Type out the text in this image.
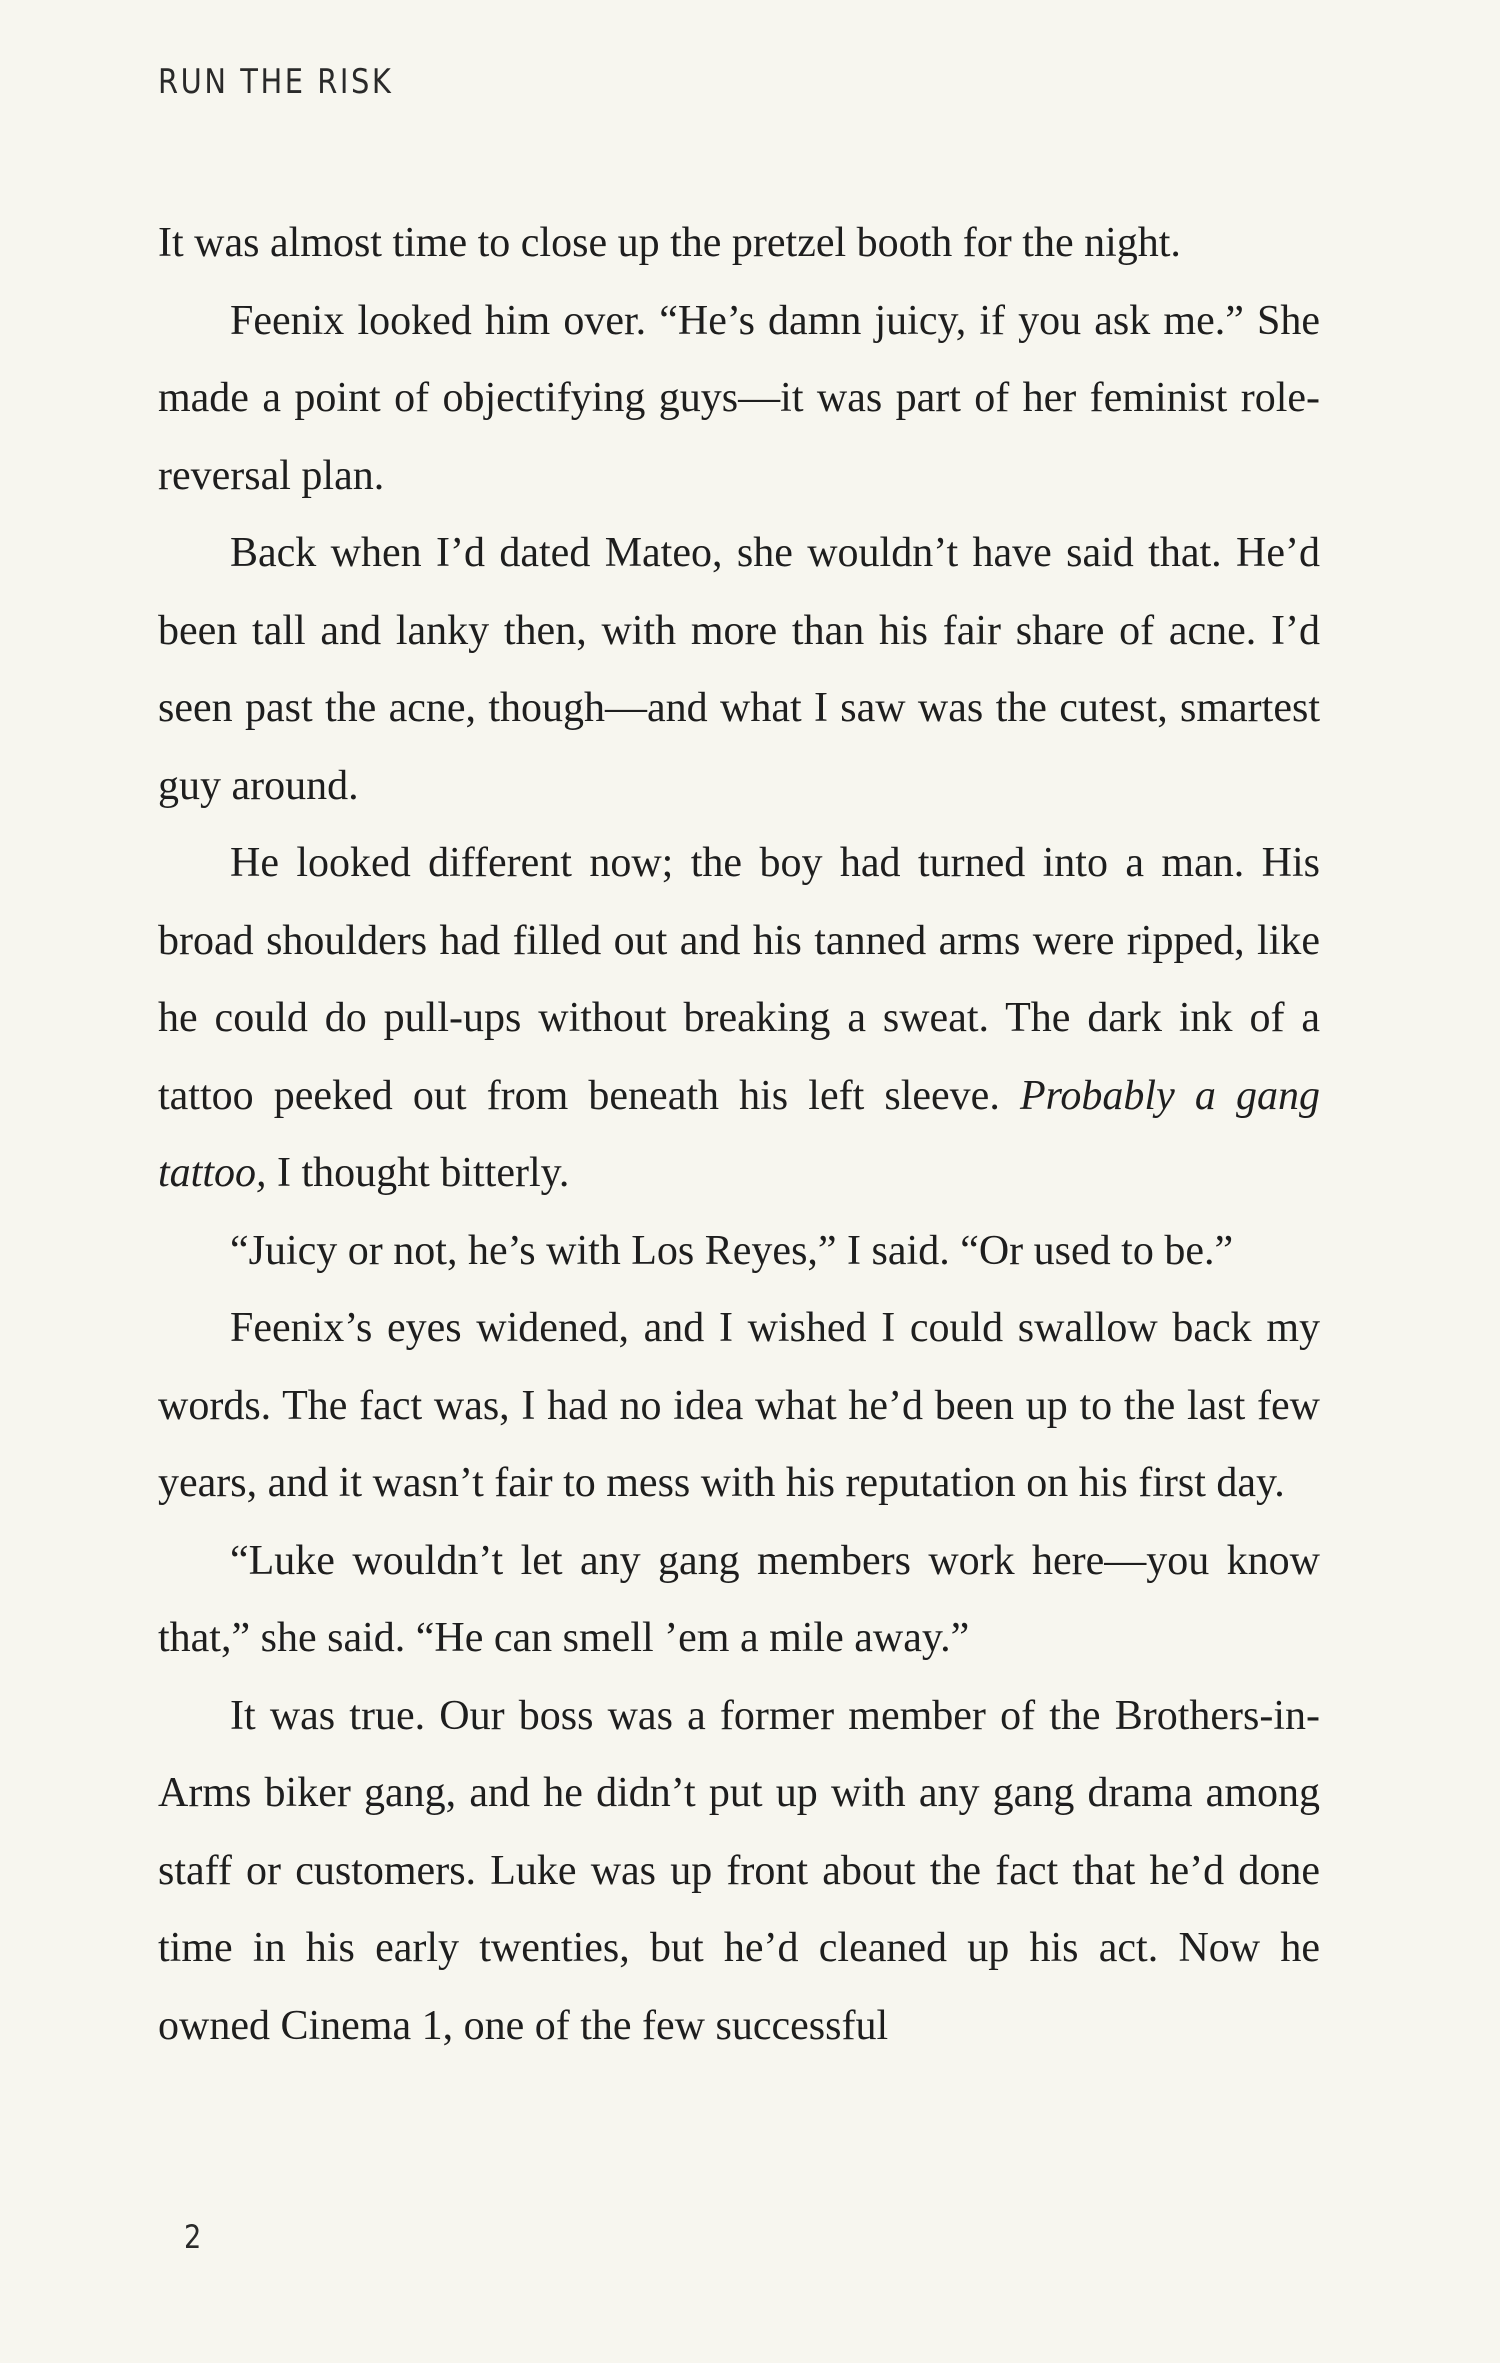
RUN THE RISK

It was almost time to close up the pretzel booth for the night.

Feenix looked him over. “He’s damn juicy, if you ask me.” She made a point of objectifying guys—it was part of her feminist role-reversal plan.

Back when I’d dated Mateo, she wouldn’t have said that. He’d been tall and lanky then, with more than his fair share of acne. I’d seen past the acne, though—and what I saw was the cutest, smartest guy around.

He looked different now; the boy had turned into a man. His broad shoulders had filled out and his tanned arms were ripped, like he could do pull-ups without breaking a sweat. The dark ink of a tattoo peeked out from beneath his left sleeve. Probably a gang tattoo, I thought bitterly.

“Juicy or not, he’s with Los Reyes,” I said. “Or used to be.”

Feenix’s eyes widened, and I wished I could swallow back my words. The fact was, I had no idea what he’d been up to the last few years, and it wasn’t fair to mess with his reputation on his first day.

“Luke wouldn’t let any gang members work here—you know that,” she said. “He can smell ’em a mile away.”

It was true. Our boss was a former member of the Brothers-in-Arms biker gang, and he didn’t put up with any gang drama among staff or customers. Luke was up front about the fact that he’d done time in his early twenties, but he’d cleaned up his act. Now he owned Cinema 1, one of the few successful

2
